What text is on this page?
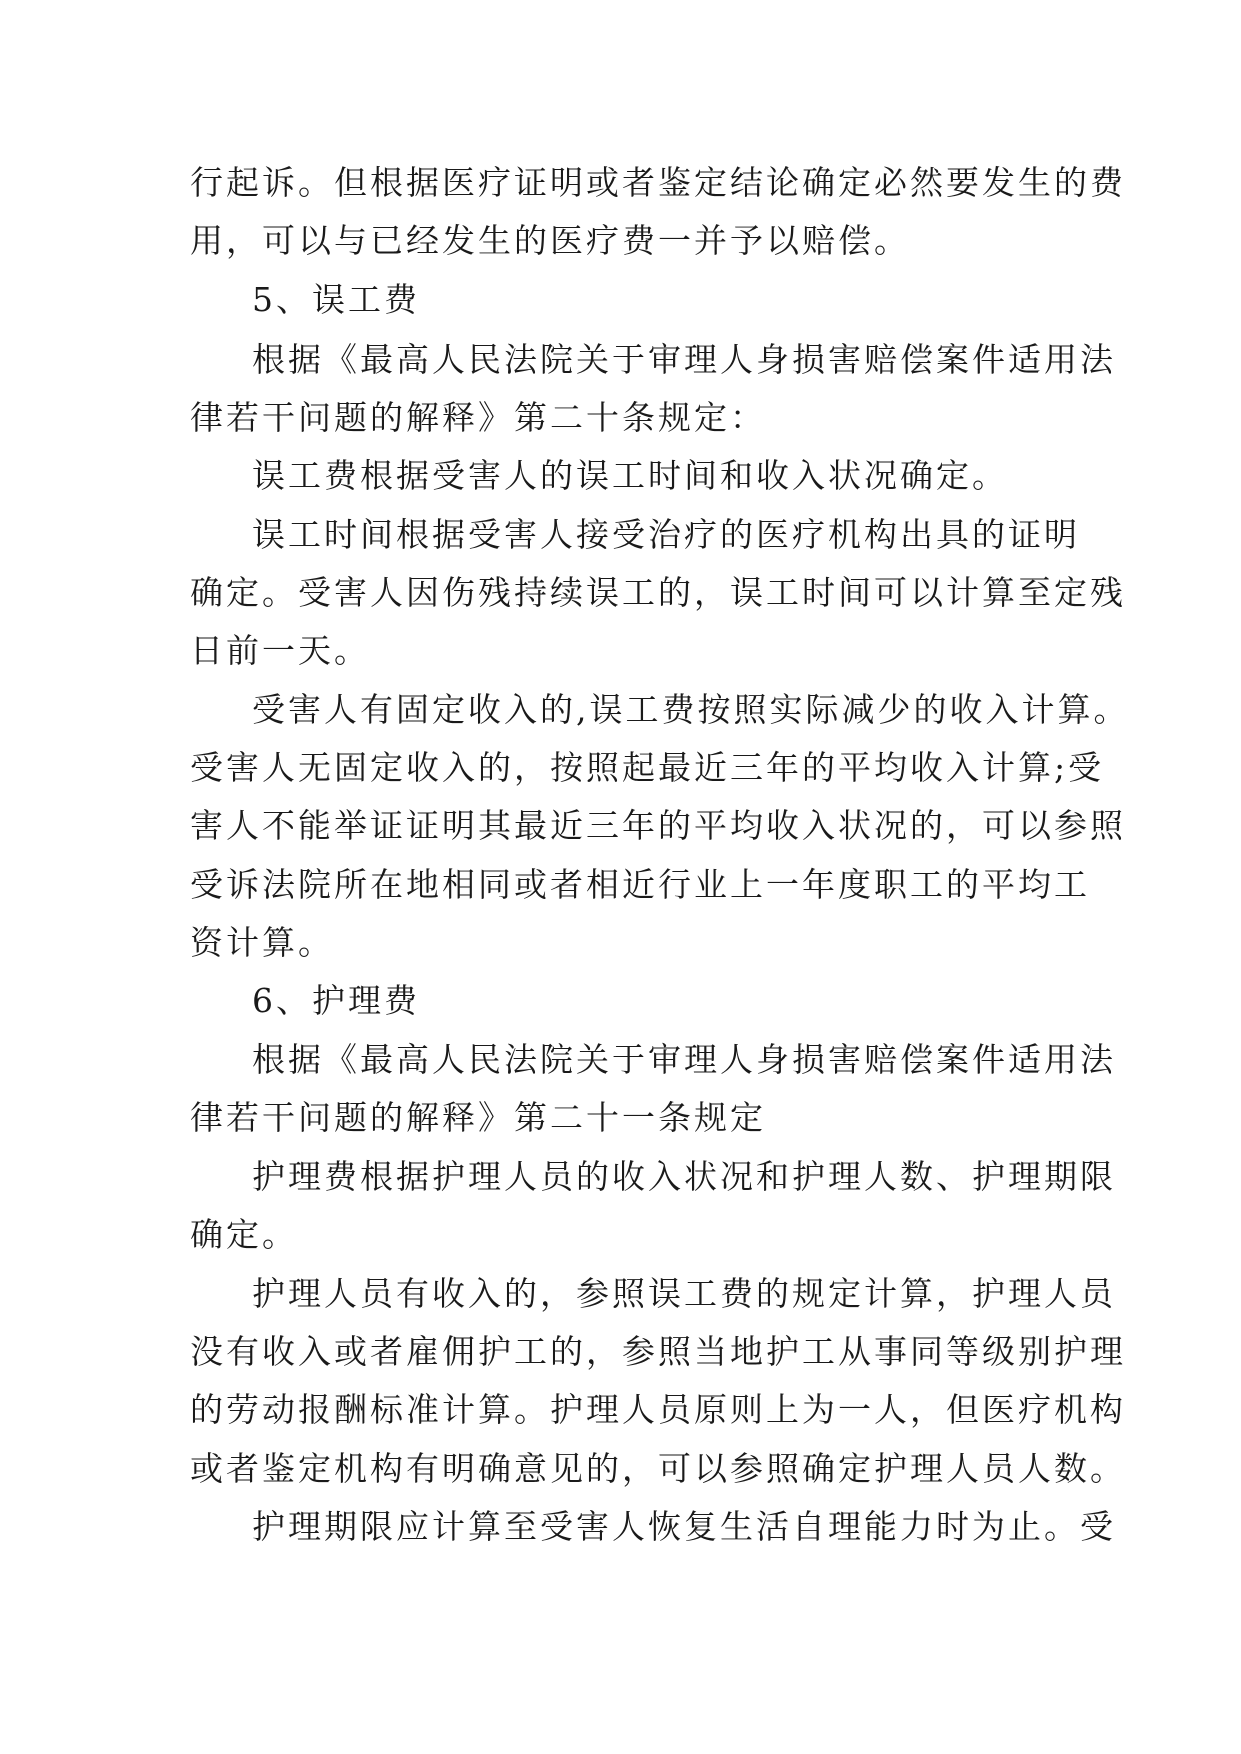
行起诉。但根据医疗证明或者鉴定结论确定必然要发生的费
用，可以与已经发生的医疗费一并予以赔偿。
5、误工费
根据《最高人民法院关于审理人身损害赔偿案件适用法
律若干问题的解释》第二十条规定：
误工费根据受害人的误工时间和收入状况确定。
误工时间根据受害人接受治疗的医疗机构出具的证明
确定。受害人因伤残持续误工的，误工时间可以计算至定残
日前一天。
受害人有固定收入的,误工费按照实际减少的收入计算。
受害人无固定收入的，按照起最近三年的平均收入计算;受
害人不能举证证明其最近三年的平均收入状况的，可以参照
受诉法院所在地相同或者相近行业上一年度职工的平均工
资计算。
6、护理费
根据《最高人民法院关于审理人身损害赔偿案件适用法
律若干问题的解释》第二十一条规定
护理费根据护理人员的收入状况和护理人数、护理期限
确定。
护理人员有收入的，参照误工费的规定计算，护理人员
没有收入或者雇佣护工的，参照当地护工从事同等级别护理
的劳动报酬标准计算。护理人员原则上为一人，但医疗机构
或者鉴定机构有明确意见的，可以参照确定护理人员人数。
护理期限应计算至受害人恢复生活自理能力时为止。受
